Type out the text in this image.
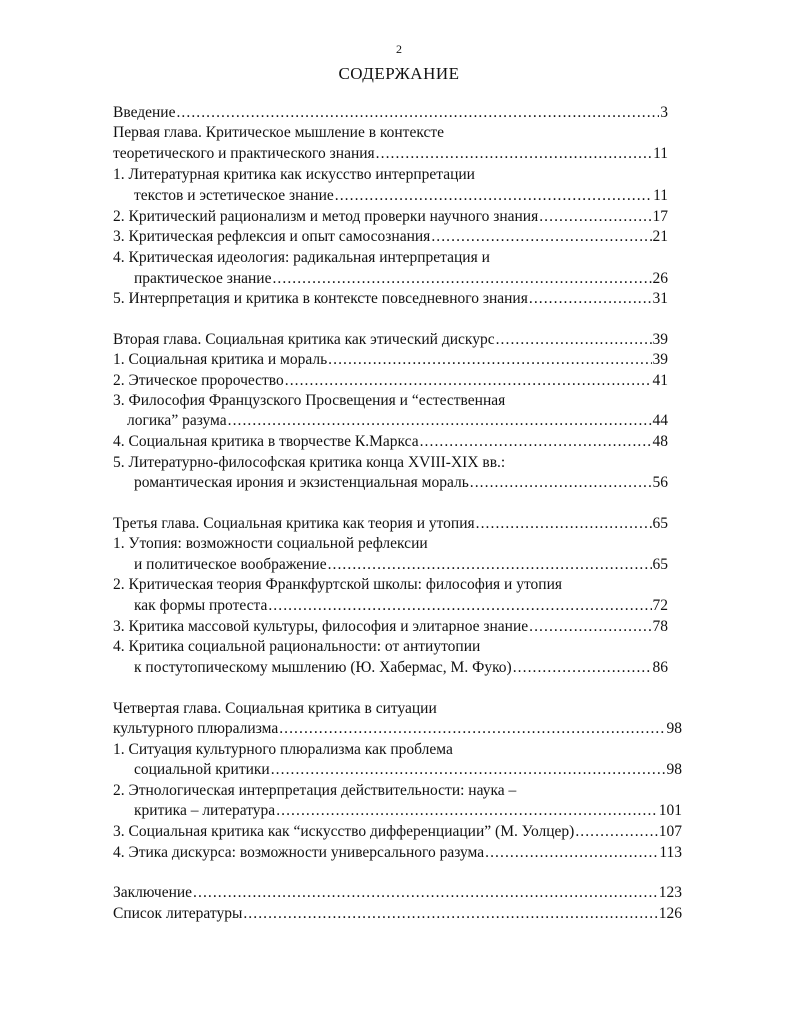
2
СОДЕРЖАНИЕ
Введение . . .	3
Первая глава. Критическое мышление в контексте
теоретического и практического знания . . .	11
1. Литературная критика как искусство интерпретации
текстов и эстетическое знание . . .	11
2. Критический рационализм и метод проверки научного знания . . .	17
3. Критическая рефлексия и опыт самосознания . . .	21
4. Критическая идеология: радикальная интерпретация и
практическое знание . . .	26
5. Интерпретация и критика в контексте повседневного знания . . .	31
Вторая глава. Социальная критика как этический дискурс . . .	39
1. Социальная критика и мораль . . .	39
2. Этическое пророчество . . .	41
3. Философия Французского Просвещения и “естественная
логика” разума . . .	44
4. Социальная критика в творчестве К.Маркса . . .	48
5. Литературно-философская критика конца XVIII-XIX вв.:
романтическая ирония и экзистенциальная мораль . . .	56
Третья глава. Социальная критика как теория и утопия . . .	65
1. Утопия: возможности социальной рефлексии
и политическое воображение . . .	65
2. Критическая теория Франкфуртской школы: философия и утопия
как формы протеста . . .	72
3. Критика массовой культуры, философия и элитарное знание . . .	78
4. Критика социальной рациональности: от антиутопии
к постутопическому мышлению (Ю. Хабермас, М. Фуко) . . .	86
Четвертая глава. Социальная критика в ситуации
культурного плюрализма . . .	98
1. Ситуация культурного плюрализма как проблема
социальной критики . . .	98
2. Этнологическая интерпретация действительности: наука –
критика – литература . . .	101
3. Социальная критика как “искусство дифференциации” (М. Уолцер) . . .	107
4. Этика дискурса: возможности универсального разума . . .	113
Заключение . . .	123
Список литературы . . .	126
